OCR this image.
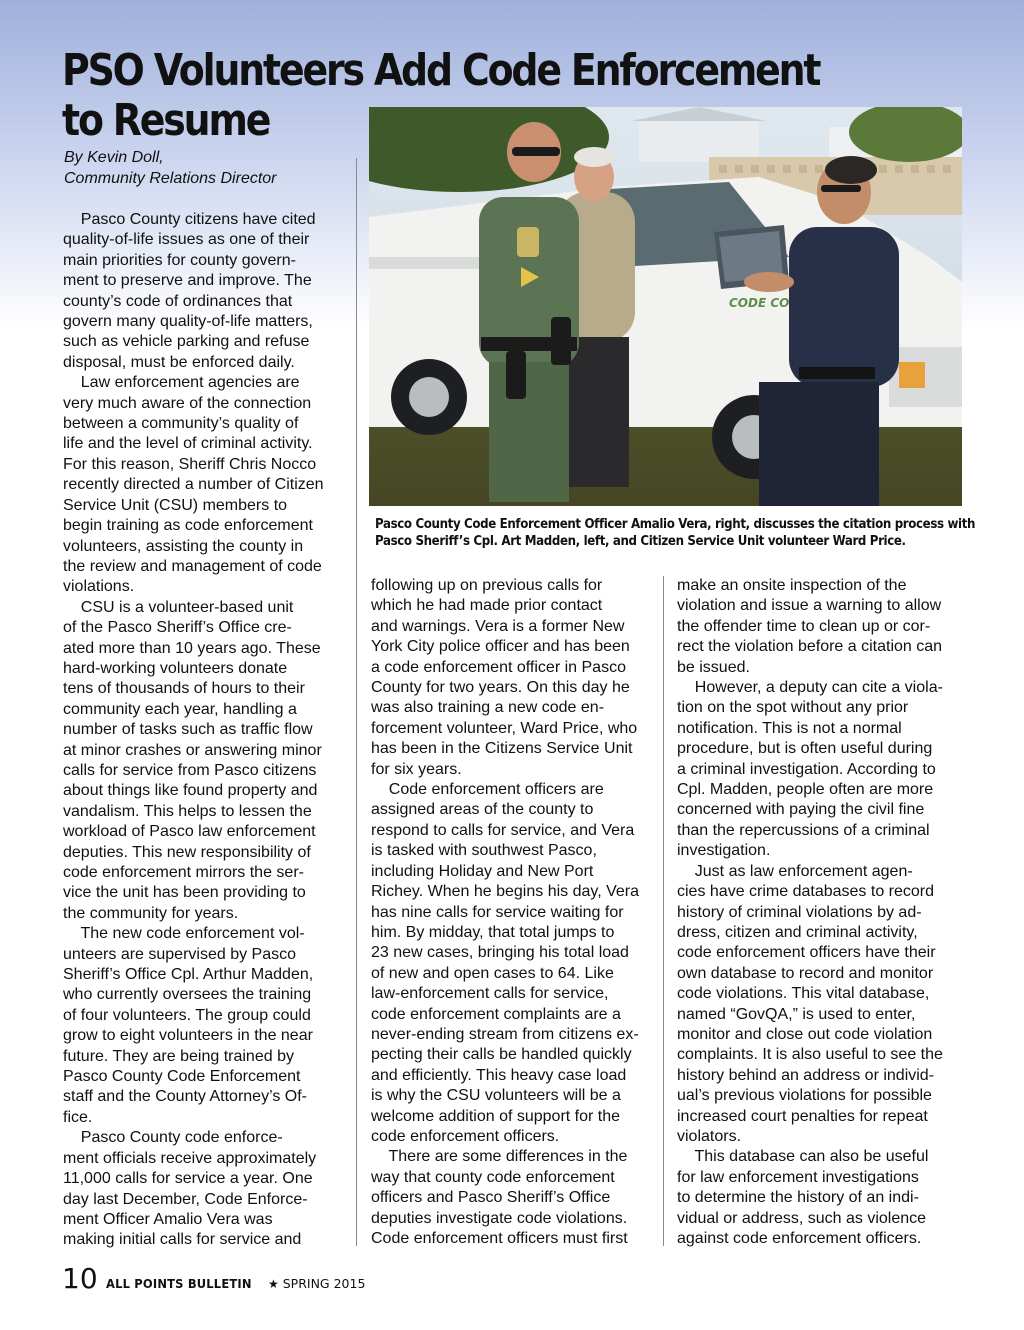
PSO Volunteers Add Code Enforcement
to Resume
By Kevin Doll,
Community Relations Director
Pasco County citizens have cited
quality-of-life issues as one of their
main priorities for county govern-
ment to preserve and improve. The
county’s code of ordinances that
govern many quality-of-life matters,
such as vehicle parking and refuse
disposal, must be enforced daily.
Law enforcement agencies are
very much aware of the connection
between a community’s quality of
life and the level of criminal activity.
For this reason, Sheriff Chris Nocco
recently directed a number of Citizen
Service Unit (CSU) members to
begin training as code enforcement
volunteers, assisting the county in
the review and management of code
violations.
CSU is a volunteer-based unit
of the Pasco Sheriff’s Office cre-
ated more than 10 years ago. These
hard-working volunteers donate
tens of thousands of hours to their
community each year, handling a
number of tasks such as traffic flow
at minor crashes or answering minor
calls for service from Pasco citizens
about things like found property and
vandalism. This helps to lessen the
workload of Pasco law enforcement
deputies. This new responsibility of
code enforcement mirrors the ser-
vice the unit has been providing to
the community for years.
The new code enforcement vol-
unteers are supervised by Pasco
Sheriff’s Office Cpl. Arthur Madden,
who currently oversees the training
of four volunteers. The group could
grow to eight volunteers in the near
future. They are being trained by
Pasco County Code Enforcement
staff and the County Attorney’s Of-
fice.
Pasco County code enforce-
ment officials receive approximately
11,000 calls for service a year. One
day last December, Code Enforce-
ment Officer Amalio Vera was
making initial calls for service and
following up on previous calls for
which he had made prior contact
and warnings. Vera is a former New
York City police officer and has been
a code enforcement officer in Pasco
County for two years. On this day he
was also training a new code en-
forcement volunteer, Ward Price, who
has been in the Citizens Service Unit
for six years.
Code enforcement officers are
assigned areas of the county to
respond to calls for service, and Vera
is tasked with southwest Pasco,
including Holiday and New Port
Richey. When he begins his day, Vera
has nine calls for service waiting for
him. By midday, that total jumps to
23 new cases, bringing his total load
of new and open cases to 64. Like
law-enforcement calls for service,
code enforcement complaints are a
never-ending stream from citizens ex-
pecting their calls be handled quickly
and efficiently. This heavy case load
is why the CSU volunteers will be a
welcome addition of support for the
code enforcement officers.
There are some differences in the
way that county code enforcement
officers and Pasco Sheriff’s Office
deputies investigate code violations.
Code enforcement officers must first
make an onsite inspection of the
violation and issue a warning to allow
the offender time to clean up or cor-
rect the violation before a citation can
be issued.
However, a deputy can cite a viola-
tion on the spot without any prior
notification. This is not a normal
procedure, but is often useful during
a criminal investigation. According to
Cpl. Madden, people often are more
concerned with paying the civil fine
than the repercussions of a criminal
investigation.
Just as law enforcement agen-
cies have crime databases to record
history of criminal violations by ad-
dress, citizen and criminal activity,
code enforcement officers have their
own database to record and monitor
code violations. This vital database,
named “GovQA,” is used to enter,
monitor and close out code violation
complaints. It is also useful to see the
history behind an address or individ-
ual’s previous violations for possible
increased court penalties for repeat
violators.
This database can also be useful
for law enforcement investigations
to determine the history of an indi-
vidual or address, such as violence
against code enforcement officers.
CODE CO
Pasco County Code Enforcement Officer Amalio Vera, right, discusses the citation process with
Pasco Sheriff’s Cpl. Art Madden, left, and Citizen Service Unit volunteer Ward Price.
10 ALL POINTS BULLETIN ★ SPRING 2015
